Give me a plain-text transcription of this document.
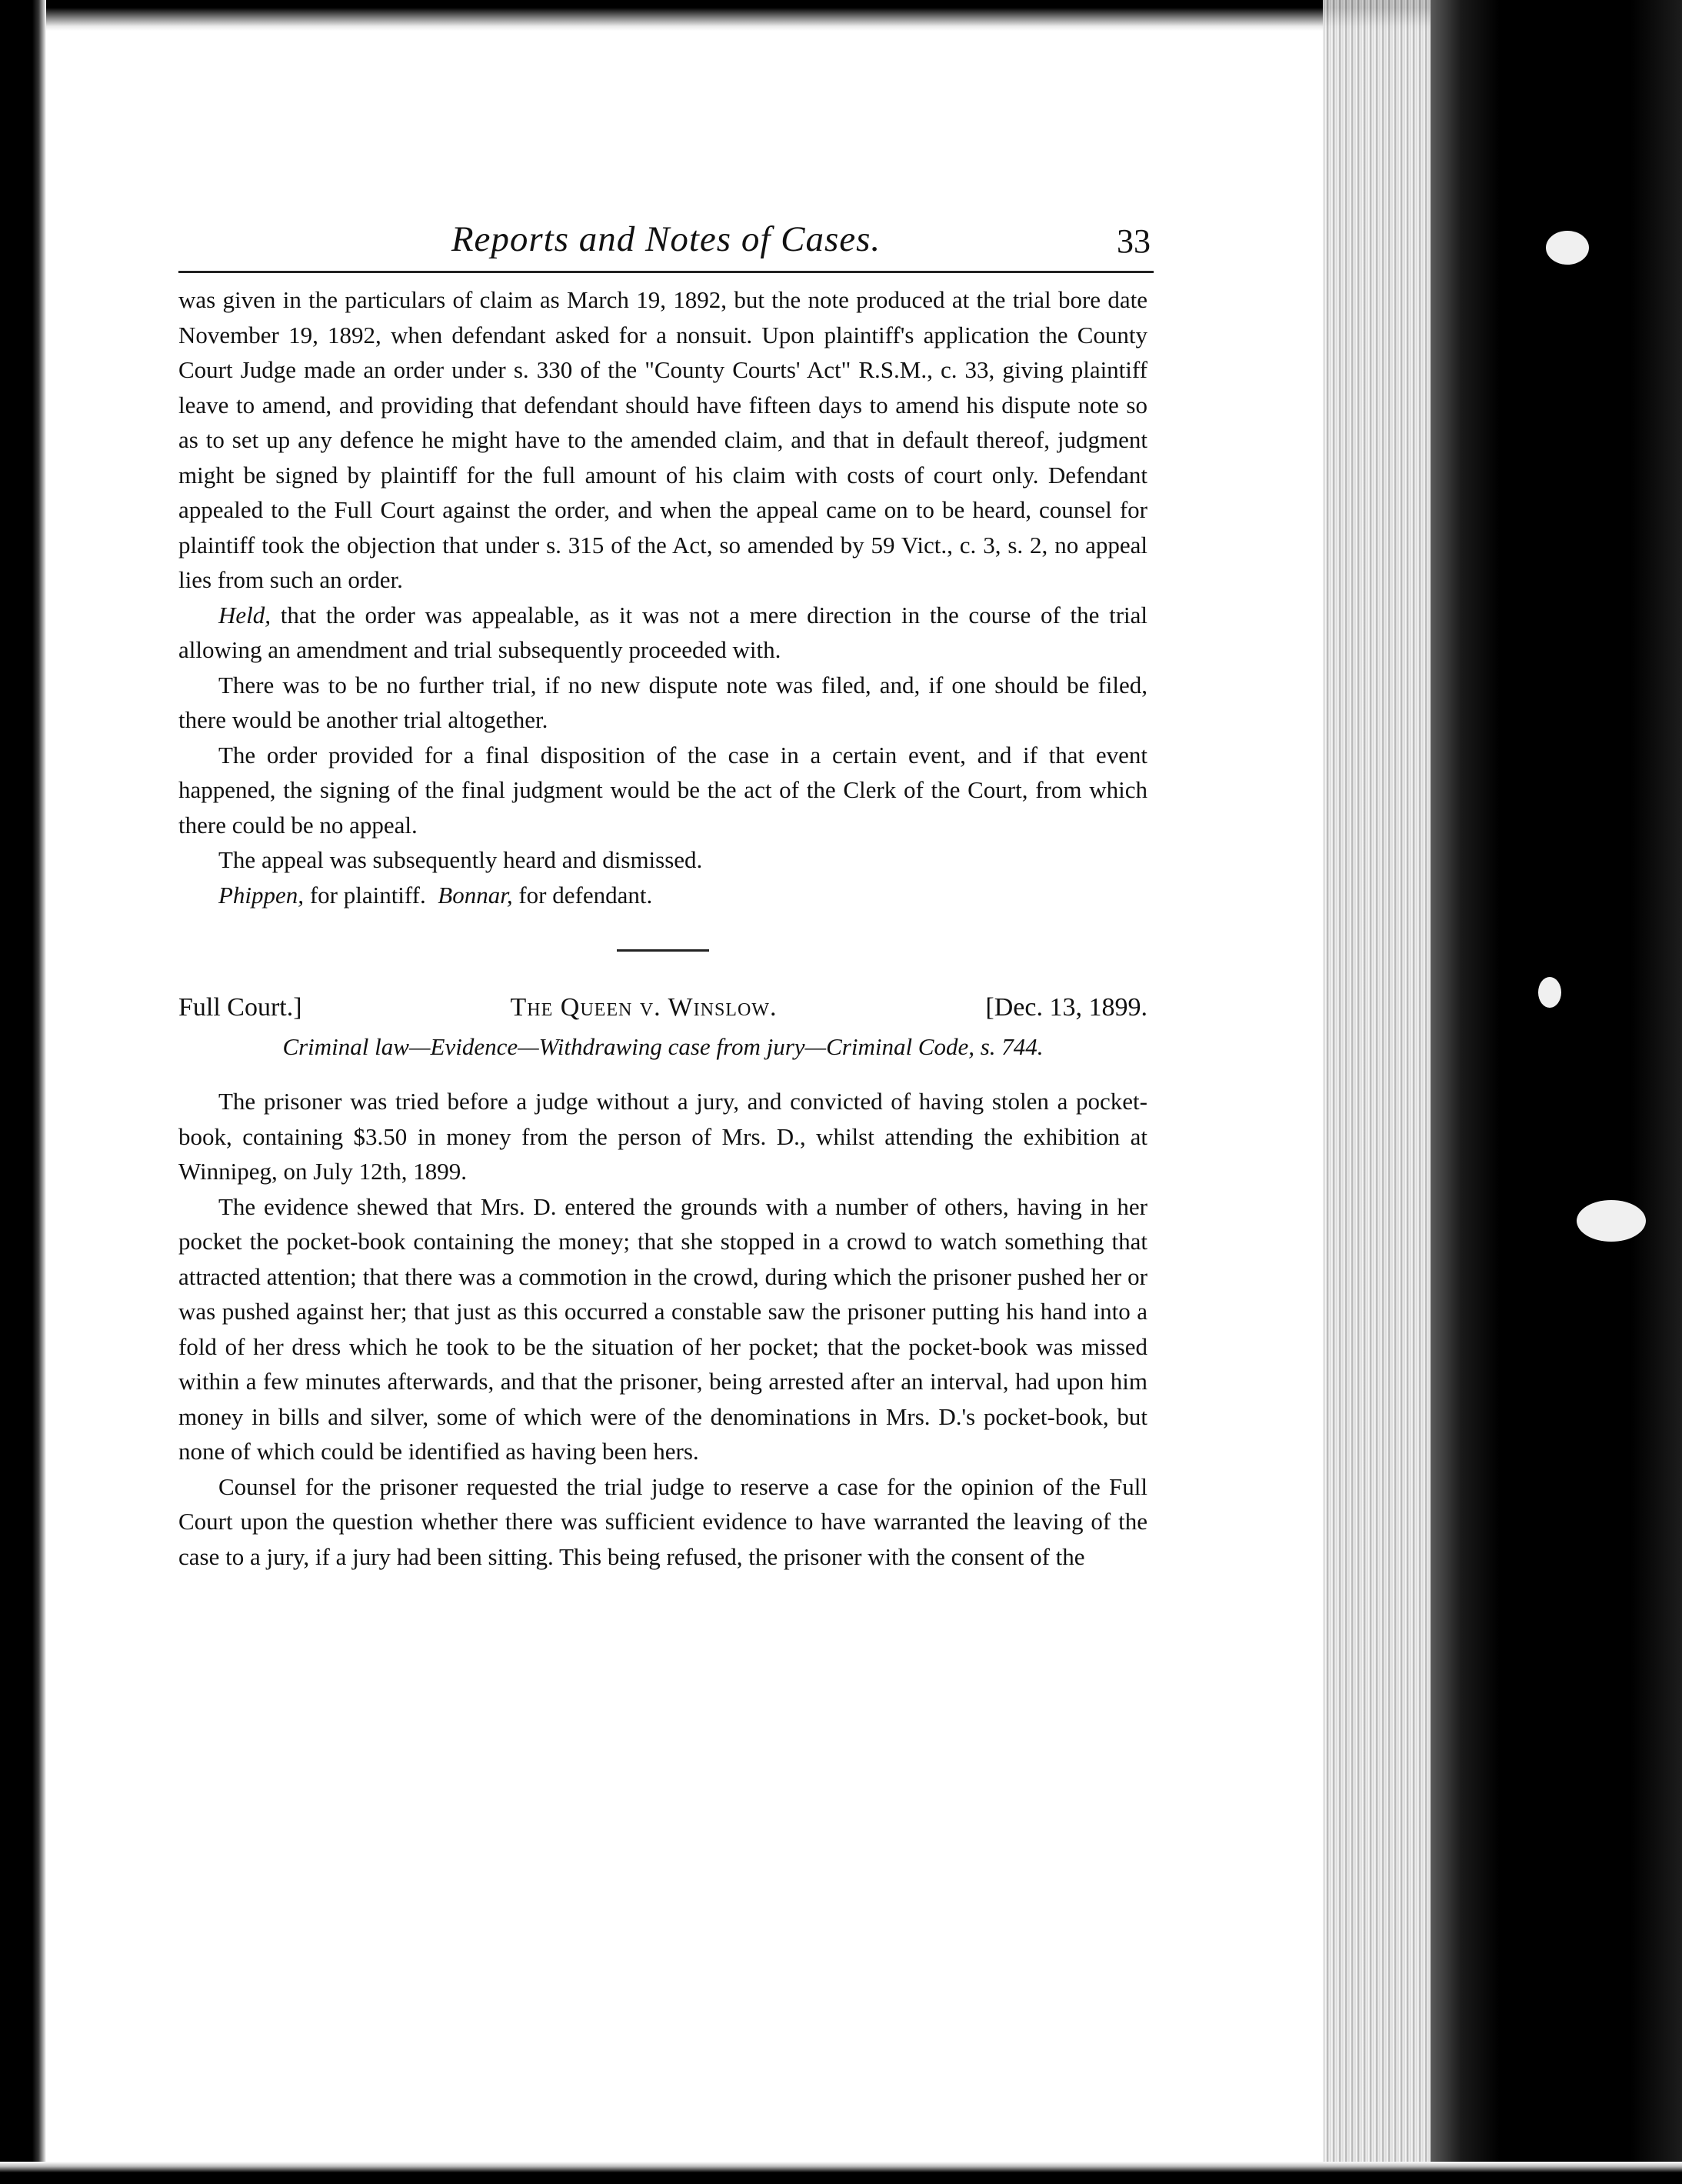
Reports and Notes of Cases.	33

was given in the particulars of claim as March 19, 1892, but the note produced at the trial bore date November 19, 1892, when defendant asked for a nonsuit. Upon plaintiff's application the County Court Judge made an order under s. 330 of the "County Courts' Act" R.S.M., c. 33, giving plaintiff leave to amend, and providing that defendant should have fifteen days to amend his dispute note so as to set up any defence he might have to the amended claim, and that in default thereof, judgment might be signed by plaintiff for the full amount of his claim with costs of court only. Defendant appealed to the Full Court against the order, and when the appeal came on to be heard, counsel for plaintiff took the objection that under s. 315 of the Act, so amended by 59 Vict., c. 3, s. 2, no appeal lies from such an order.

Held, that the order was appealable, as it was not a mere direction in the course of the trial allowing an amendment and trial subsequently proceeded with.

There was to be no further trial, if no new dispute note was filed, and, if one should be filed, there would be another trial altogether.

The order provided for a final disposition of the case in a certain event, and if that event happened, the signing of the final judgment would be the act of the Clerk of the Court, from which there could be no appeal.

The appeal was subsequently heard and dismissed.

Phippen, for plaintiff. Bonnar, for defendant.

Full Court.]	The Queen v. Winslow.	[Dec. 13, 1899.
Criminal law—Evidence—Withdrawing case from jury—Criminal Code, s. 744.

The prisoner was tried before a judge without a jury, and convicted of having stolen a pocket-book, containing $3.50 in money from the person of Mrs. D., whilst attending the exhibition at Winnipeg, on July 12th, 1899.

The evidence shewed that Mrs. D. entered the grounds with a number of others, having in her pocket the pocket-book containing the money; that she stopped in a crowd to watch something that attracted attention; that there was a commotion in the crowd, during which the prisoner pushed her or was pushed against her; that just as this occurred a constable saw the prisoner putting his hand into a fold of her dress which he took to be the situation of her pocket; that the pocket-book was missed within a few minutes afterwards, and that the prisoner, being arrested after an interval, had upon him money in bills and silver, some of which were of the denominations in Mrs. D.'s pocket-book, but none of which could be identified as having been hers.

Counsel for the prisoner requested the trial judge to reserve a case for the opinion of the Full Court upon the question whether there was sufficient evidence to have warranted the leaving of the case to a jury, if a jury had been sitting. This being refused, the prisoner with the consent of the
